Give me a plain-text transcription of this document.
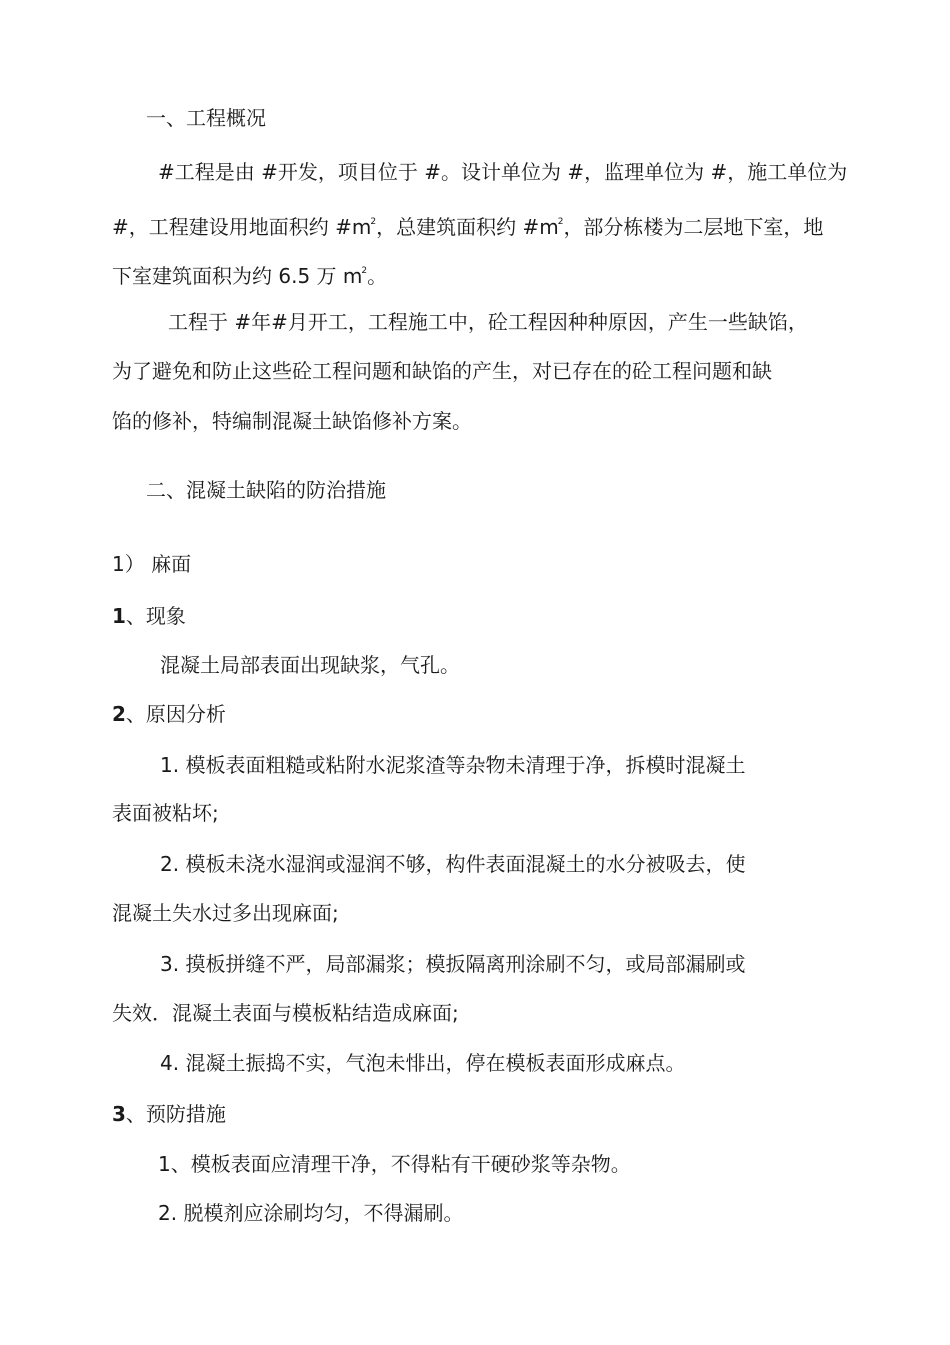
一、工程概况

#工程是由 #开发，项目位于 #。设计单位为 #，监理单位为 #，施工单位为

#，工程建设用地面积约 $\#m^2$，总建筑面积约 $\#m^2$，部分栋楼为二层地下室，地

下室建筑面积为约 6.5 万 $m^2$。

工程于 #年#月开工，工程施工中，砼工程因种种原因，产生一些缺馅，

为了避免和防止这些砼工程问题和缺馅的产生，对已存在的砼工程问题和缺

馅的修补，特编制混凝土缺馅修补方案。

二、混凝土缺陷的防治措施

1） 麻面

1、现象

混凝土局部表面出现缺浆，气孔。

2、原因分析

1. 模板表面粗糙或粘附水泥浆渣等杂物未清理于净，拆模时混凝土

表面被粘坏;

2. 模板未浇水湿润或湿润不够，构件表面混凝土的水分被吸去，使

混凝土失水过多出现麻面;

3. 摸板拼缝不严，局部漏浆；模扳隔离刑涂刷不匀，或局部漏刷或

失效．混凝土表面与模板粘结造成麻面;

4. 混凝土振捣不实，气泡未悱出，停在模板表面形成麻点。

3、预防措施

1、模板表面应清理干净，不得粘有干硬砂浆等杂物。

2. 脱模剂应涂刷均匀，不得漏刷。
